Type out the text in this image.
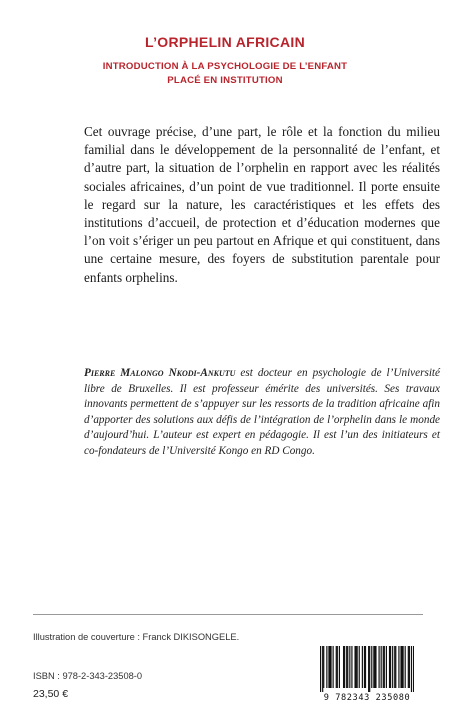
L’ORPHELIN AFRICAIN
INTRODUCTION À LA PSYCHOLOGIE DE L’ENFANT
PLACÉ EN INSTITUTION
Cet ouvrage précise, d’une part, le rôle et la fonction du milieu familial dans le développement de la personnalité de l’enfant, et d’autre part, la situation de l’orphelin en rapport avec les réalités sociales africaines, d’un point de vue traditionnel. Il porte ensuite le regard sur la nature, les caractéristiques et les effets des institutions d’accueil, de protection et d’éducation modernes que l’on voit s’ériger un peu partout en Afrique et qui constituent, dans une certaine mesure, des foyers de substitution parentale pour enfants orphelins.
Pierre Malongo Nkodi-Ankutu est docteur en psychologie de l’Université libre de Bruxelles. Il est professeur émérite des universités. Ses travaux innovants permettent de s’appuyer sur les ressorts de la tradition africaine afin d’apporter des solutions aux défis de l’intégration de l’orphelin dans le monde d’aujourd’hui. L’auteur est expert en pédagogie. Il est l’un des initiateurs et co-fondateurs de l’Université Kongo en RD Congo.
Illustration de couverture : Franck DIKISONGELE.
ISBN : 978-2-343-23508-0
23,50 €	9 782343 235080
